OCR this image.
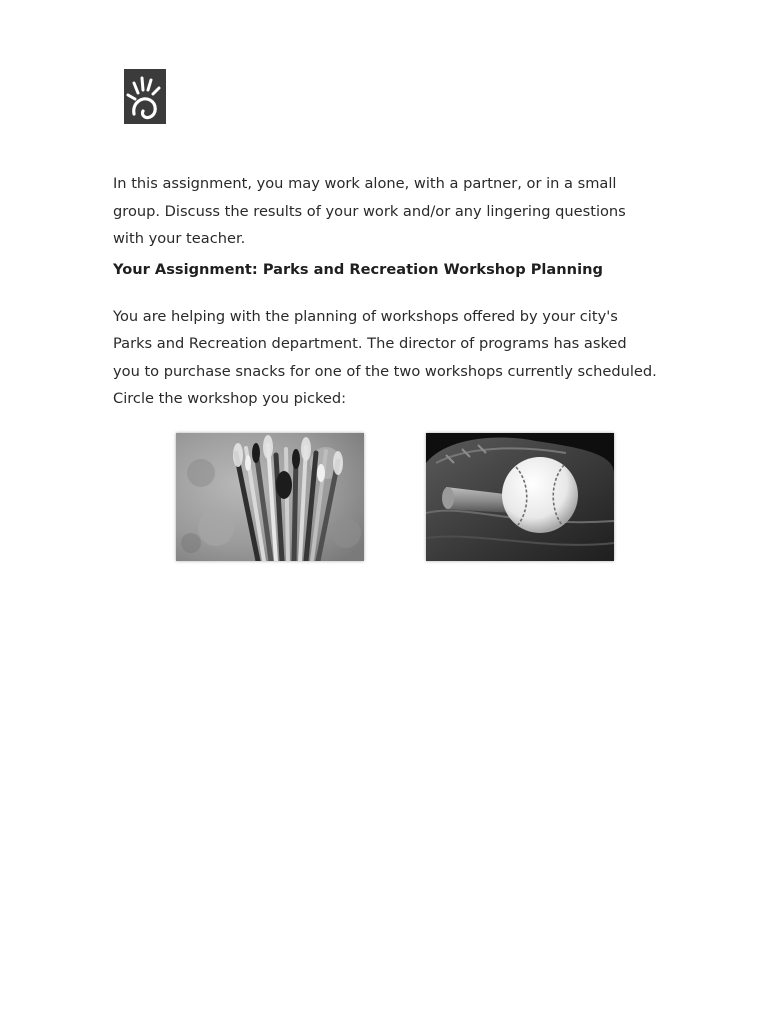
In this assignment, you may work alone, with a partner, or in a small
group. Discuss the results of your work and/or any lingering questions
with your teacher.

Your Assignment: Parks and Recreation Workshop Planning

You are helping with the planning of workshops offered by your city's
Parks and Recreation department. The director of programs has asked
you to purchase snacks for one of the two workshops currently scheduled.
Circle the workshop you picked:
